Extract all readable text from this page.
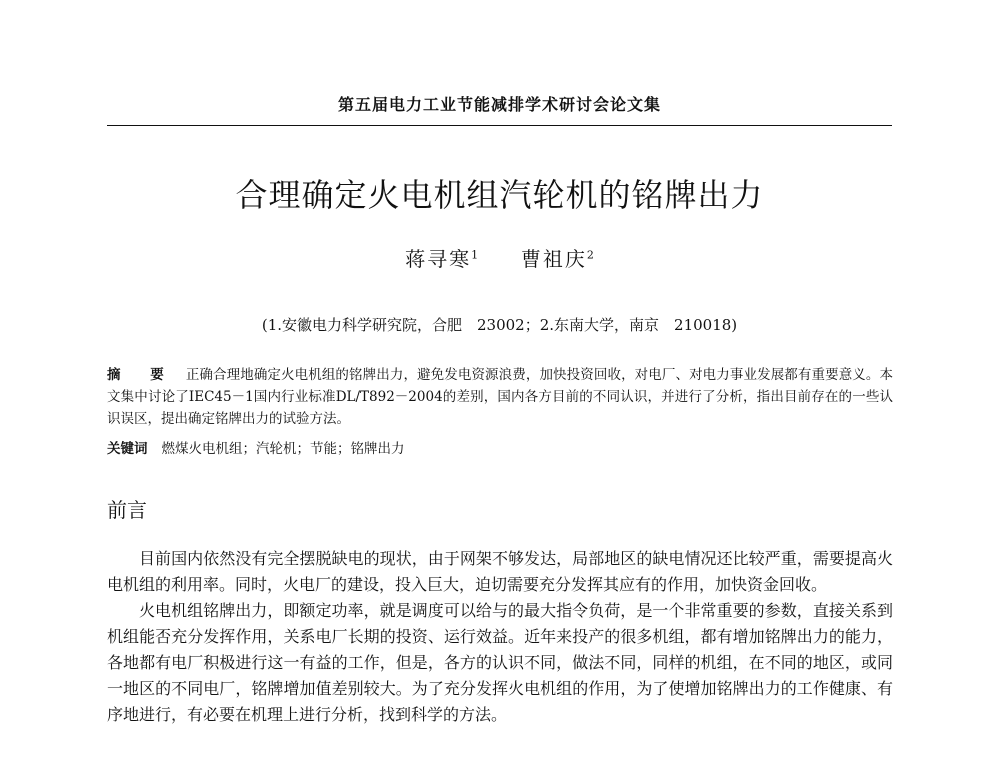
第五届电力工业节能减排学术研讨会论文集
合理确定火电机组汽轮机的铭牌出力
蒋寻寒$^1$ 曹祖庆$^2$
(1.安徽电力科学研究院，合肥　23002；2.东南大学，南京　210018)
摘　要 正确合理地确定火电机组的铭牌出力，避免发电资源浪费，加快投资回收，对电厂、对电力事业发展都有重要意义。本文集中讨论了IEC45－1国内行业标准DL/T892－2004的差别，国内各方目前的不同认识，并进行了分析，指出目前存在的一些认识误区，提出确定铭牌出力的试验方法。
关键词 燃煤火电机组；汽轮机；节能；铭牌出力
前言

目前国内依然没有完全摆脱缺电的现状，由于网架不够发达，局部地区的缺电情况还比较严重，需要提高火电机组的利用率。同时，火电厂的建设，投入巨大，迫切需要充分发挥其应有的作用，加快资金回收。

火电机组铭牌出力，即额定功率，就是调度可以给与的最大指令负荷，是一个非常重要的参数，直接关系到机组能否充分发挥作用，关系电厂长期的投资、运行效益。近年来投产的很多机组，都有增加铭牌出力的能力，各地都有电厂积极进行这一有益的工作，但是，各方的认识不同，做法不同，同样的机组，在不同的地区，或同一地区的不同电厂，铭牌增加值差别较大。为了充分发挥火电机组的作用，为了使增加铭牌出力的工作健康、有序地进行，有必要在机理上进行分析，找到科学的方法。
